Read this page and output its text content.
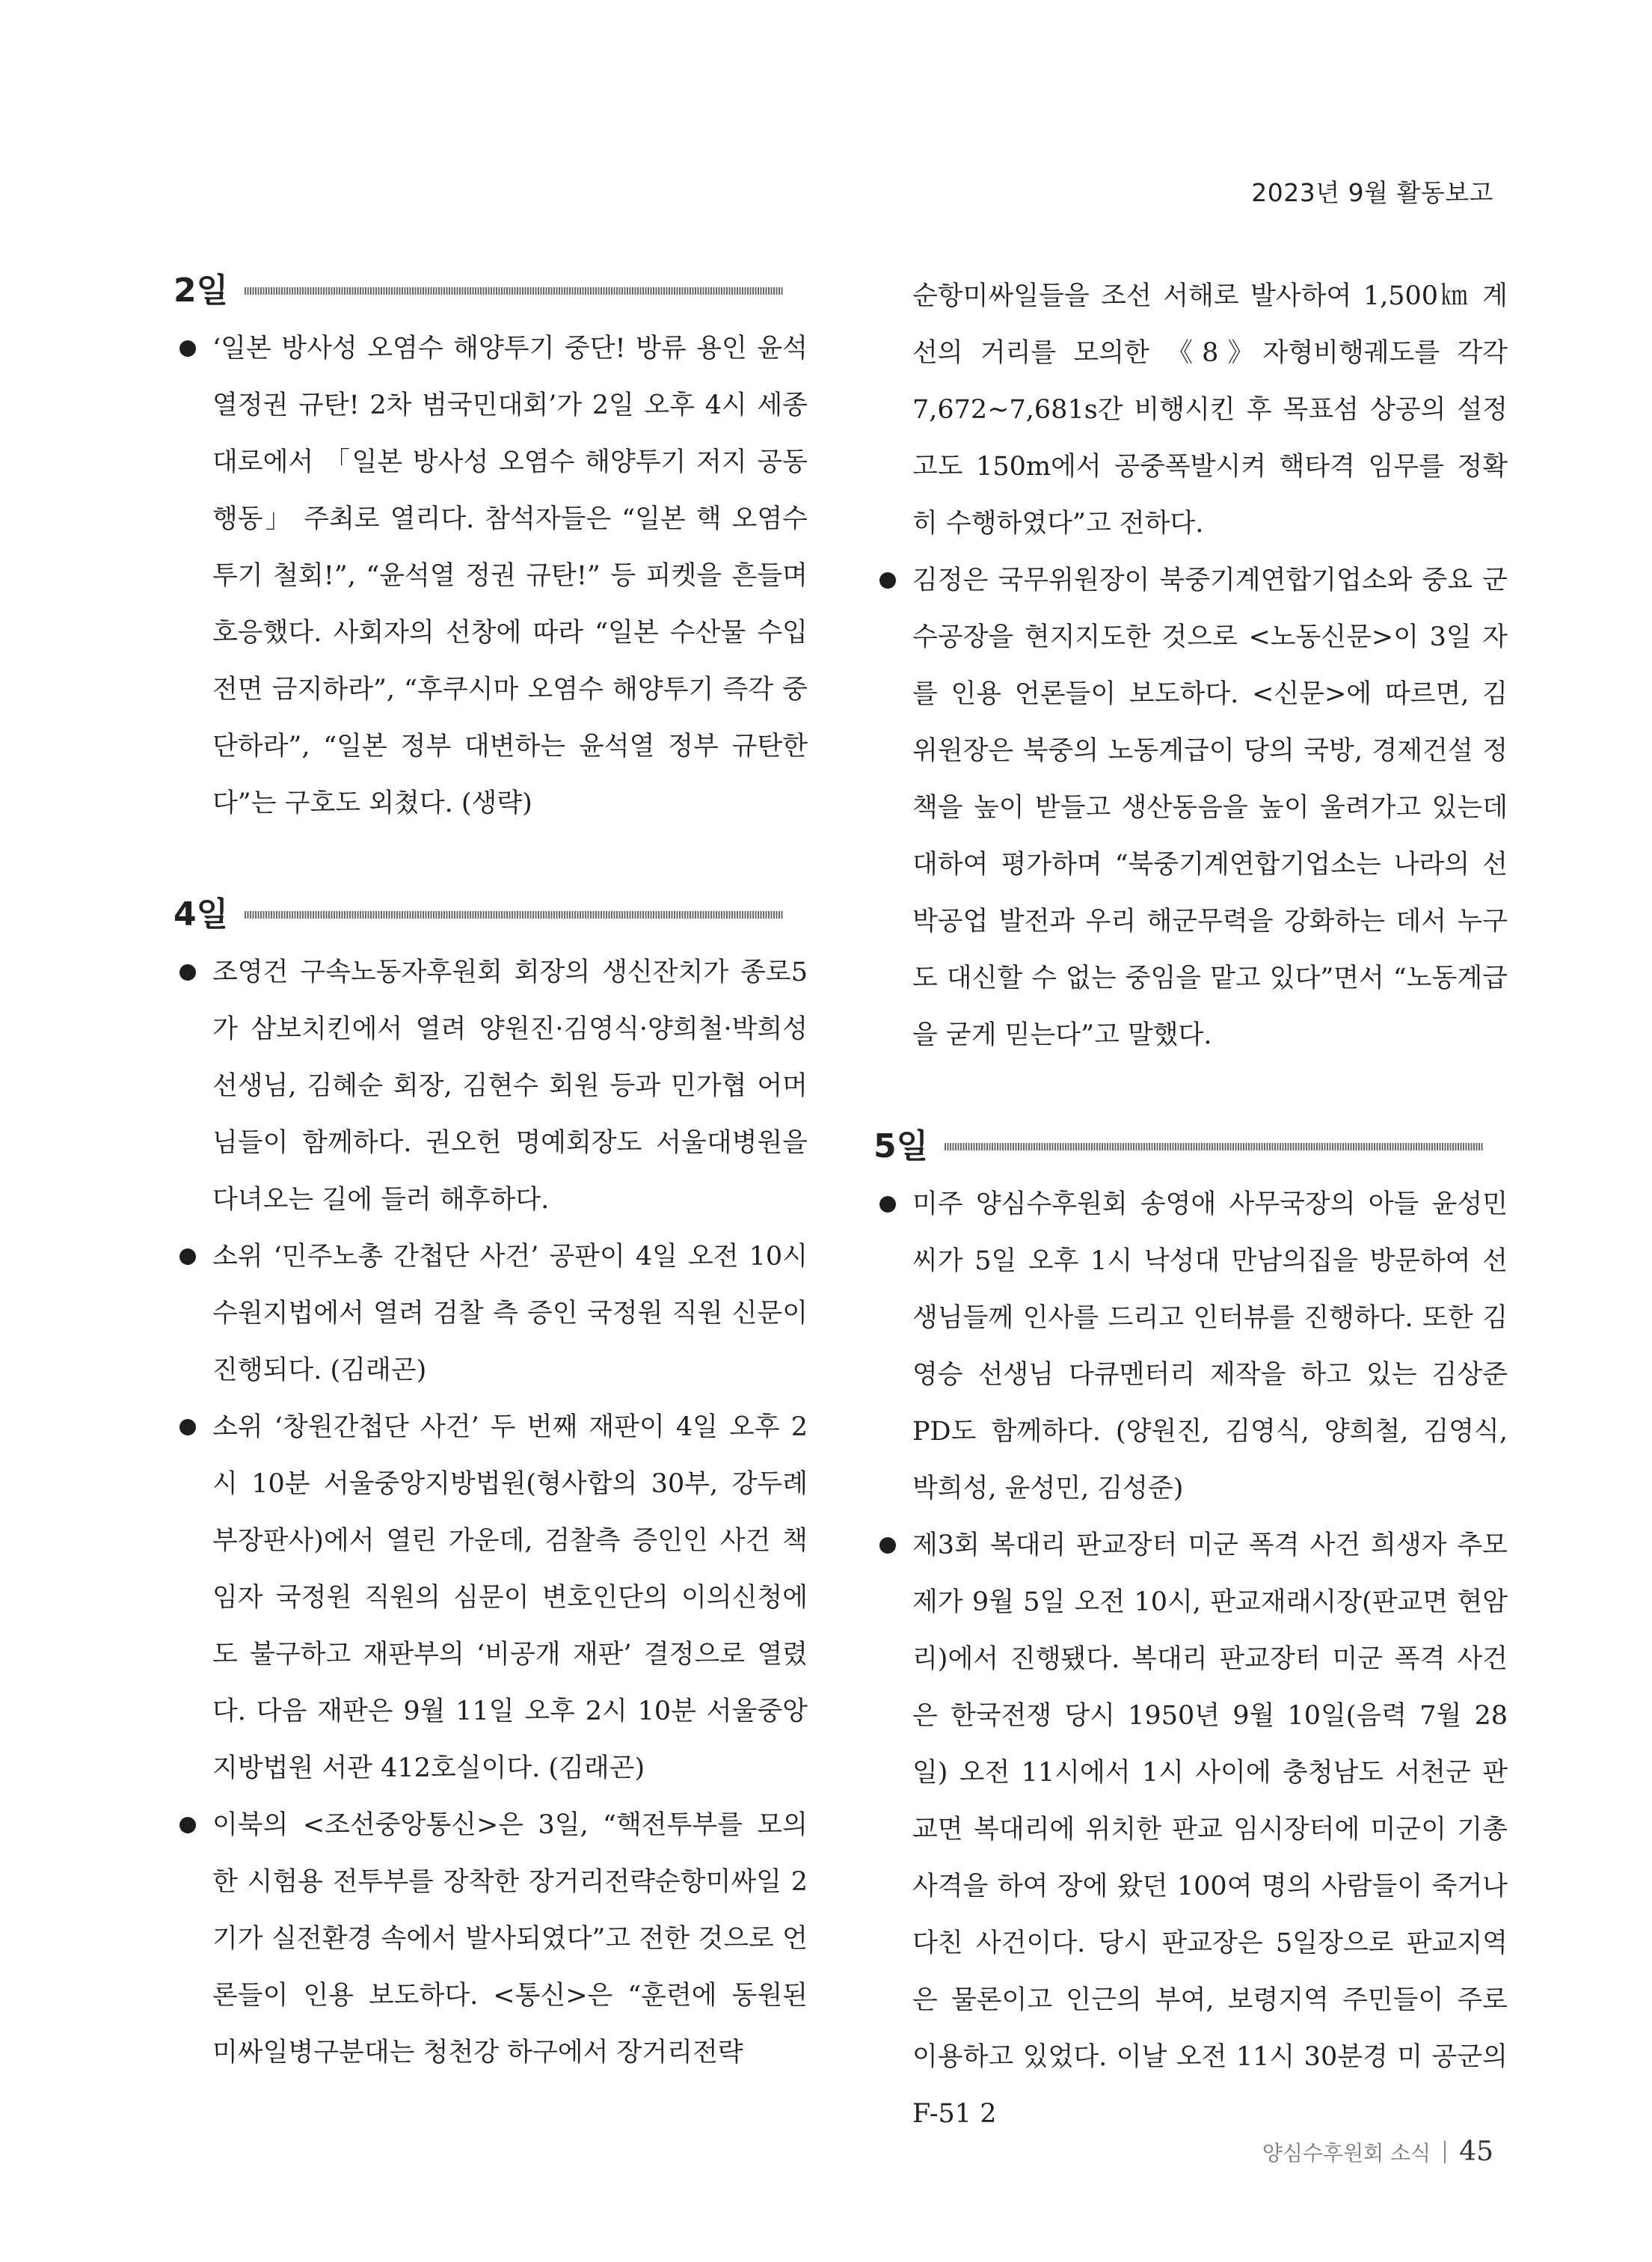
2023년 9월 활동보고
2일
‘일본 방사성 오염수 해양투기 중단! 방류 용인 윤석열정권 규탄! 2차 범국민대회’가 2일 오후 4시 세종대로에서 「일본 방사성 오염수 해양투기 저지 공동행동」 주최로 열리다. 참석자들은 “일본 핵 오염수 투기 철회!”, “윤석열 정권 규탄!” 등 피켓을 흔들며 호응했다. 사회자의 선창에 따라 “일본 수산물 수입 전면 금지하라”, “후쿠시마 오염수 해양투기 즉각 중단하라”, “일본 정부 대변하는 윤석열 정부 규탄한다”는 구호도 외쳤다. (생략)
4일
조영건 구속노동자후원회 회장의 생신잔치가 종로5가 삼보치킨에서 열려 양원진·김영식·양희철·박희성 선생님, 김혜순 회장, 김현수 회원 등과 민가협 어머님들이 함께하다. 권오헌 명예회장도 서울대병원을 다녀오는 길에 들러 해후하다.
소위 ‘민주노총 간첩단 사건’ 공판이 4일 오전 10시 수원지법에서 열려 검찰 측 증인 국정원 직원 신문이 진행되다. (김래곤)
소위 ‘창원간첩단 사건’ 두 번째 재판이 4일 오후 2시 10분 서울중앙지방법원(형사합의 30부, 강두례 부장판사)에서 열린 가운데, 검찰측 증인인 사건 책임자 국정원 직원의 심문이 변호인단의 이의신청에도 불구하고 재판부의 ‘비공개 재판’ 결정으로 열렸다. 다음 재판은 9월 11일 오후 2시 10분 서울중앙지방법원 서관 412호실이다. (김래곤)
이북의 <조선중앙통신>은 3일, “핵전투부를 모의한 시험용 전투부를 장착한 장거리전략순항미싸일 2기가 실전환경 속에서 발사되였다”고 전한 것으로 언론들이 인용 보도하다. <통신>은 “훈련에 동원된 미싸일병구분대는 청천강 하구에서 장거리전략
순항미싸일들을 조선 서해로 발사하여 1,500㎞ 계선의 거리를 모의한 《8》자형비행궤도를 각각 7,672~7,681s간 비행시킨 후 목표섬 상공의 설정고도 150m에서 공중폭발시켜 핵타격 임무를 정확히 수행하였다”고 전하다.
김정은 국무위원장이 북중기계연합기업소와 중요 군수공장을 현지지도한 것으로 <노동신문>이 3일 자를 인용 언론들이 보도하다. <신문>에 따르면, 김 위원장은 북중의 노동계급이 당의 국방, 경제건설 정책을 높이 받들고 생산동음을 높이 울려가고 있는데 대하여 평가하며 “북중기계연합기업소는 나라의 선박공업 발전과 우리 해군무력을 강화하는 데서 누구도 대신할 수 없는 중임을 맡고 있다”면서 “노동계급을 굳게 믿는다”고 말했다.
5일
미주 양심수후원회 송영애 사무국장의 아들 윤성민씨가 5일 오후 1시 낙성대 만남의집을 방문하여 선생님들께 인사를 드리고 인터뷰를 진행하다. 또한 김영승 선생님 다큐멘터리 제작을 하고 있는 김상준 PD도 함께하다. (양원진, 김영식, 양희철, 김영식, 박희성, 윤성민, 김성준)
제3회 복대리 판교장터 미군 폭격 사건 희생자 추모제가 9월 5일 오전 10시, 판교재래시장(판교면 현암리)에서 진행됐다. 복대리 판교장터 미군 폭격 사건은 한국전쟁 당시 1950년 9월 10일(음력 7월 28일) 오전 11시에서 1시 사이에 충청남도 서천군 판교면 복대리에 위치한 판교 임시장터에 미군이 기총사격을 하여 장에 왔던 100여 명의 사람들이 죽거나 다친 사건이다. 당시 판교장은 5일장으로 판교지역은 물론이고 인근의 부여, 보령지역 주민들이 주로 이용하고 있었다. 이날 오전 11시 30분경 미 공군의 F-51 2
양심수후원회 소식 45
